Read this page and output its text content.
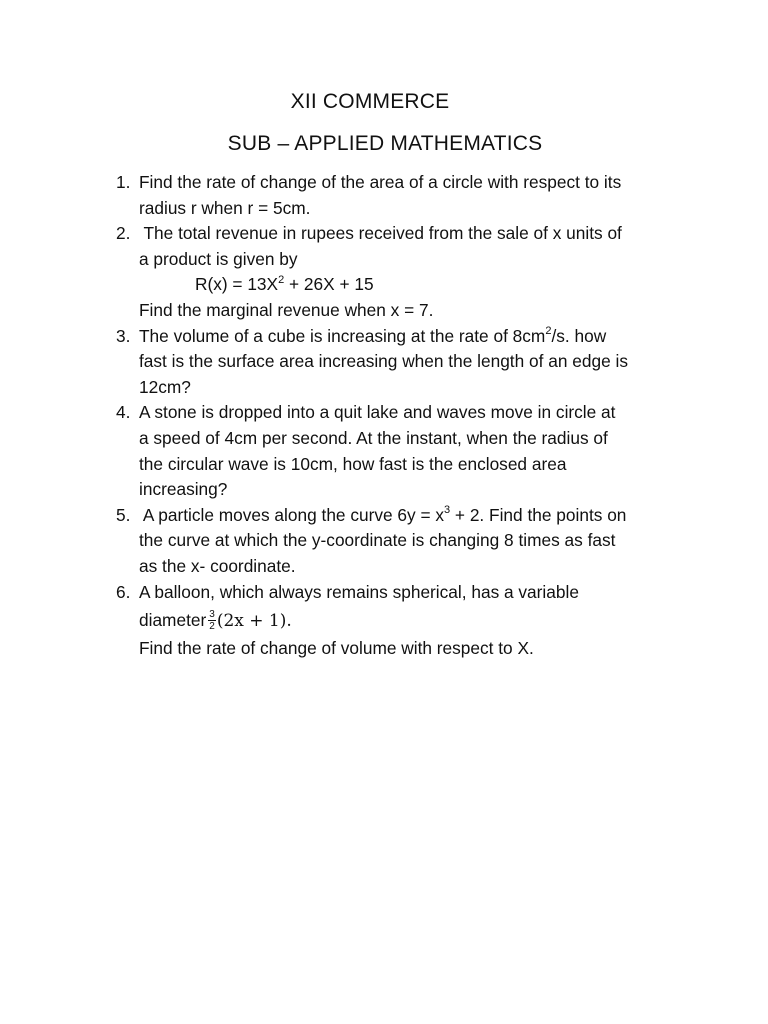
XII COMMERCE
SUB – APPLIED MATHEMATICS
1. Find the rate of change of the area of a circle with respect to its
radius r when r = 5cm.
2. The total revenue in rupees received from the sale of x units of
a product is given by
$R(x) = 13X^2 + 26X + 15$
Find the marginal revenue when x = 7.
3. The volume of a cube is increasing at the rate of $8cm^2/s$. how
fast is the surface area increasing when the length of an edge is
12cm?
4. A stone is dropped into a quit lake and waves move in circle at
a speed of 4cm per second. At the instant, when the radius of
the circular wave is 10cm, how fast is the enclosed area
increasing?
5. A particle moves along the curve $6y = x^3 + 2$. Find the points on
the curve at which the y-coordinate is changing 8 times as fast
as the x- coordinate.
6. A balloon, which always remains spherical, has a variable
diameter $\frac{3}{2} (2x + 1)$.
Find the rate of change of volume with respect to X.
